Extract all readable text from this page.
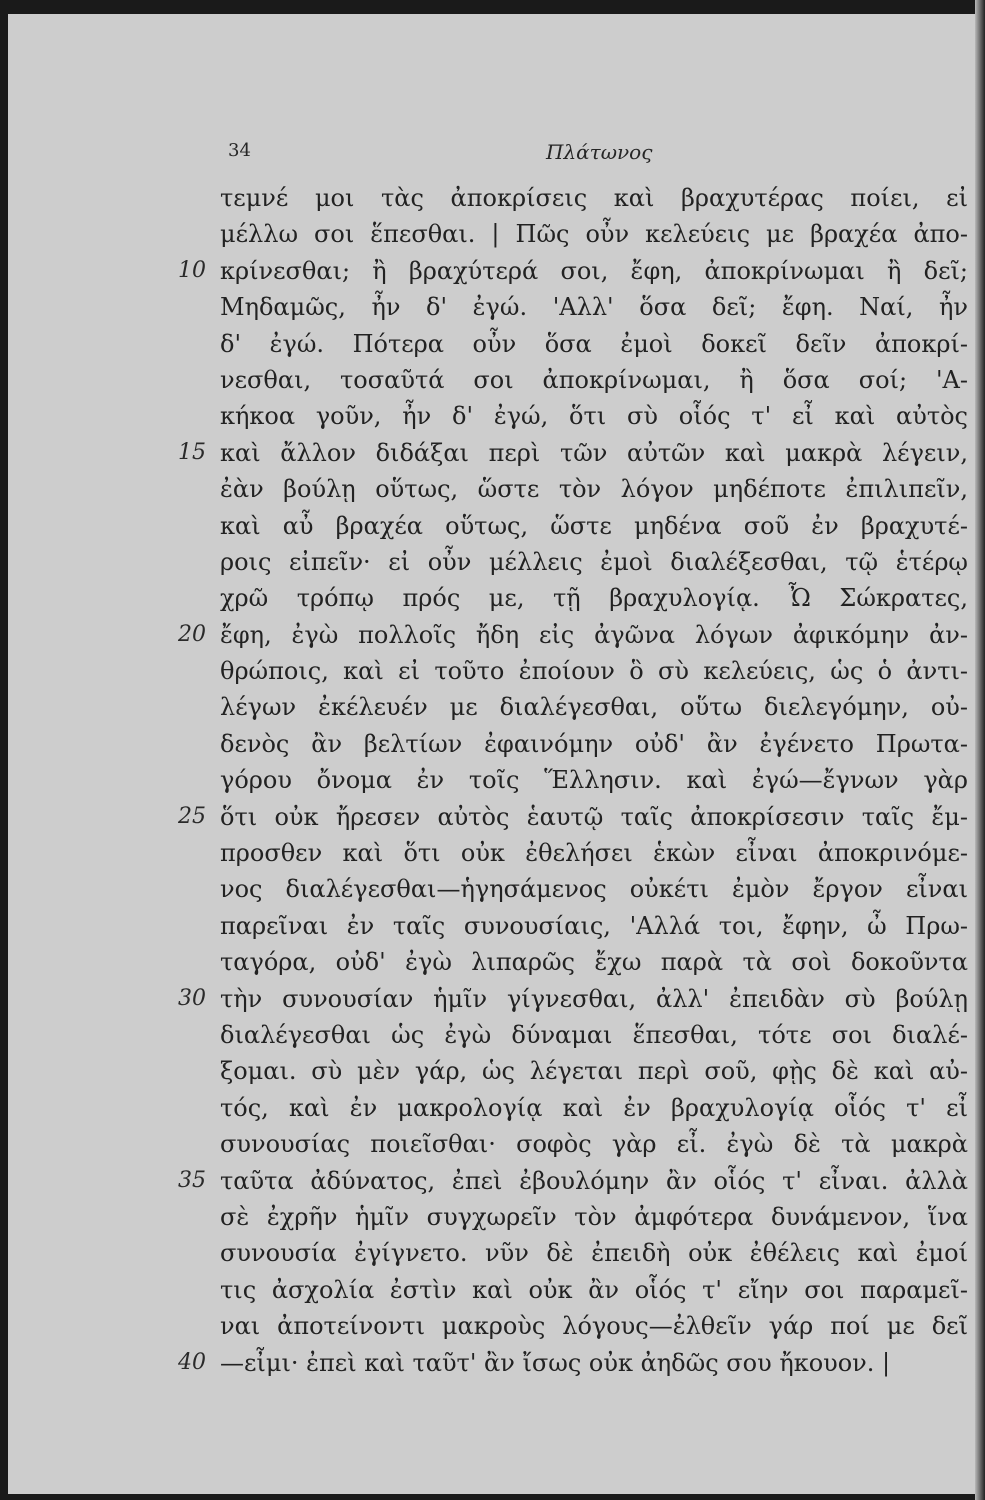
34	Πλάτωνος
τεμνέ μοι τὰς ἀποκρίσεις καὶ βραχυτέρας ποίει, εἰ
μέλλω σοι ἕπεσθαι. | Πῶς οὖν κελεύεις με βραχέα ἀπο-
10 κρίνεσθαι; ἢ βραχύτερά σοι, ἔφη, ἀποκρίνωμαι ἢ δεῖ;
Μηδαμῶς, ἦν δ' ἐγώ. 'Αλλ' ὅσα δεῖ; ἔφη. Ναί, ἦν
δ' ἐγώ. Πότερα οὖν ὅσα ἐμοὶ δοκεῖ δεῖν ἀποκρί-
νεσθαι, τοσαῦτά σοι ἀποκρίνωμαι, ἢ ὅσα σοί; 'Α-
κήκοα γοῦν, ἦν δ' ἐγώ, ὅτι σὺ οἷός τ' εἶ καὶ αὐτὸς
15 καὶ ἄλλον διδάξαι περὶ τῶν αὐτῶν καὶ μακρὰ λέγειν,
ἐὰν βούλῃ οὕτως, ὥστε τὸν λόγον μηδέποτε ἐπιλιπεῖν,
καὶ αὖ βραχέα οὕτως, ὥστε μηδένα σοῦ ἐν βραχυτέ-
ροις εἰπεῖν· εἰ οὖν μέλλεις ἐμοὶ διαλέξεσθαι, τῷ ἑτέρῳ
χρῶ τρόπῳ πρός με, τῇ βραχυλογίᾳ. Ὦ Σώκρατες,
20 ἔφη, ἐγὼ πολλοῖς ἤδη εἰς ἀγῶνα λόγων ἀφικόμην ἀν-
θρώποις, καὶ εἰ τοῦτο ἐποίουν ὃ σὺ κελεύεις, ὡς ὁ ἀντι-
λέγων ἐκέλευέν με διαλέγεσθαι, οὕτω διελεγόμην, οὐ-
δενὸς ἂν βελτίων ἐφαινόμην οὐδ' ἂν ἐγένετο Πρωτα-
γόρου ὄνομα ἐν τοῖς Ἕλλησιν. καὶ ἐγώ—ἔγνων γὰρ
25 ὅτι οὐκ ἤρεσεν αὐτὸς ἑαυτῷ ταῖς ἀποκρίσεσιν ταῖς ἔμ-
προσθεν καὶ ὅτι οὐκ ἐθελήσει ἑκὼν εἶναι ἀποκρινόμε-
νος διαλέγεσθαι—ἡγησάμενος οὐκέτι ἐμὸν ἔργον εἶναι
παρεῖναι ἐν ταῖς συνουσίαις, 'Αλλά τοι, ἔφην, ὦ Πρω-
ταγόρα, οὐδ' ἐγὼ λιπαρῶς ἔχω παρὰ τὰ σοὶ δοκοῦντα
30 τὴν συνουσίαν ἡμῖν γίγνεσθαι, ἀλλ' ἐπειδὰν σὺ βούλῃ
διαλέγεσθαι ὡς ἐγὼ δύναμαι ἕπεσθαι, τότε σοι διαλέ-
ξομαι. σὺ μὲν γάρ, ὡς λέγεται περὶ σοῦ, φῂς δὲ καὶ αὐ-
τός, καὶ ἐν μακρολογίᾳ καὶ ἐν βραχυλογίᾳ οἷός τ' εἶ
συνουσίας ποιεῖσθαι· σοφὸς γὰρ εἶ. ἐγὼ δὲ τὰ μακρὰ
35 ταῦτα ἀδύνατος, ἐπεὶ ἐβουλόμην ἂν οἷός τ' εἶναι. ἀλλὰ
σὲ ἐχρῆν ἡμῖν συγχωρεῖν τὸν ἀμφότερα δυνάμενον, ἵνα
συνουσία ἐγίγνετο. νῦν δὲ ἐπειδὴ οὐκ ἐθέλεις καὶ ἐμοί
τις ἀσχολία ἐστὶν καὶ οὐκ ἂν οἷός τ' εἴην σοι παραμεῖ-
ναι ἀποτείνοντι μακροὺς λόγους—ἐλθεῖν γάρ ποί με δεῖ
40 —εἶμι· ἐπεὶ καὶ ταῦτ' ἂν ἴσως οὐκ ἀηδῶς σου ἤκουον. |
